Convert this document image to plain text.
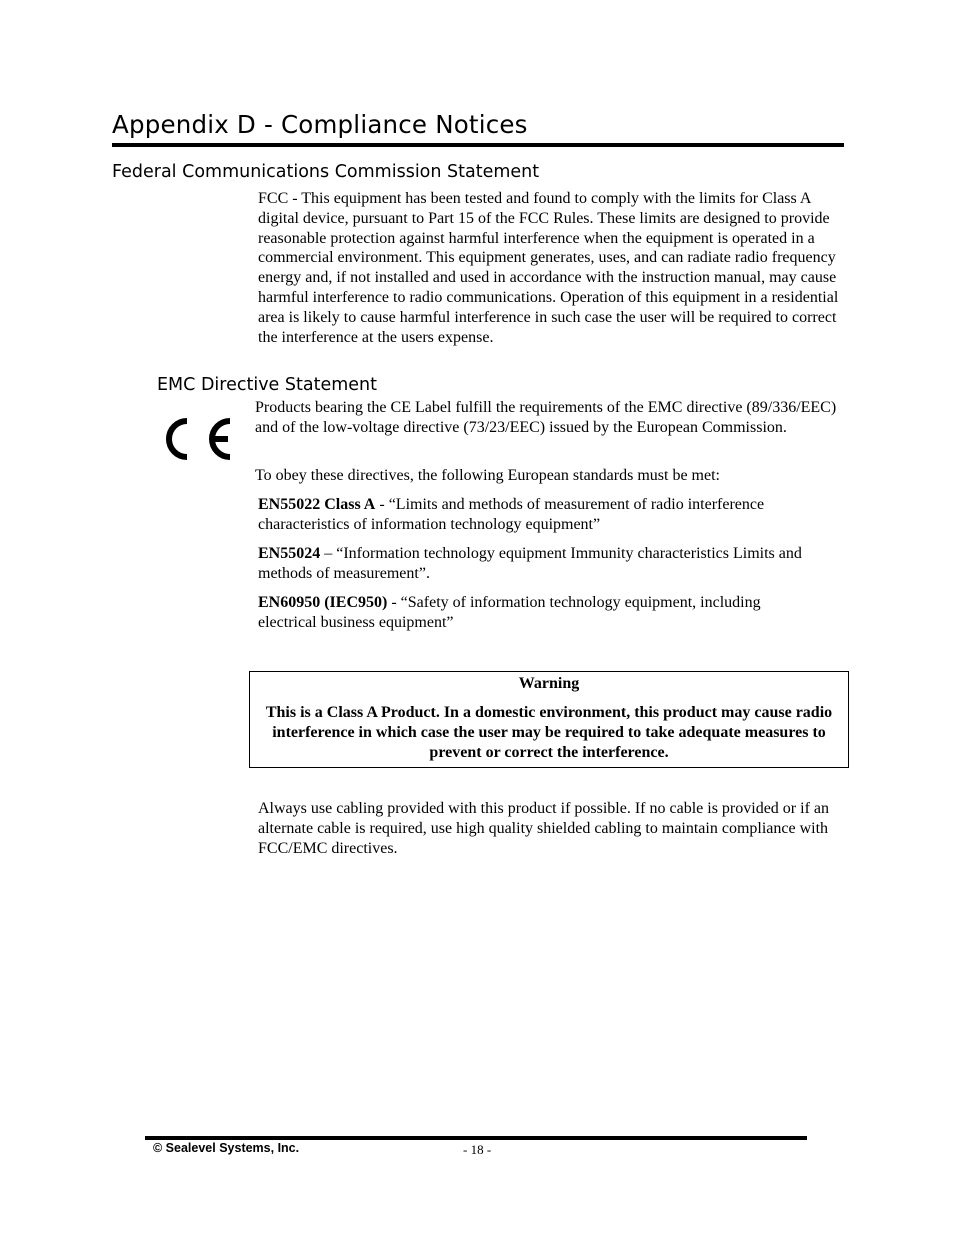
Appendix D - Compliance Notices
Federal Communications Commission Statement

FCC - This equipment has been tested and found to comply with the limits for Class A digital device, pursuant to Part 15 of the FCC Rules. These limits are designed to provide reasonable protection against harmful interference when the equipment is operated in a commercial environment. This equipment generates, uses, and can radiate radio frequency energy and, if not installed and used in accordance with the instruction manual, may cause harmful interference to radio communications. Operation of this equipment in a residential area is likely to cause harmful interference in such case the user will be required to correct the interference at the users expense.

EMC Directive Statement

Products bearing the CE Label fulfill the requirements of the EMC directive (89/336/EEC) and of the low-voltage directive (73/23/EEC) issued by the European Commission.

To obey these directives, the following European standards must be met:

EN55022 Class A - “Limits and methods of measurement of radio interference characteristics of information technology equipment”

EN55024 – “Information technology equipment Immunity characteristics Limits and methods of measurement”.

EN60950 (IEC950) - “Safety of information technology equipment, including electrical business equipment”

Warning
This is a Class A Product. In a domestic environment, this product may cause radio interference in which case the user may be required to take adequate measures to prevent or correct the interference.

Always use cabling provided with this product if possible. If no cable is provided or if an alternate cable is required, use high quality shielded cabling to maintain compliance with FCC/EMC directives.

© Sealevel Systems, Inc.	- 18 -
